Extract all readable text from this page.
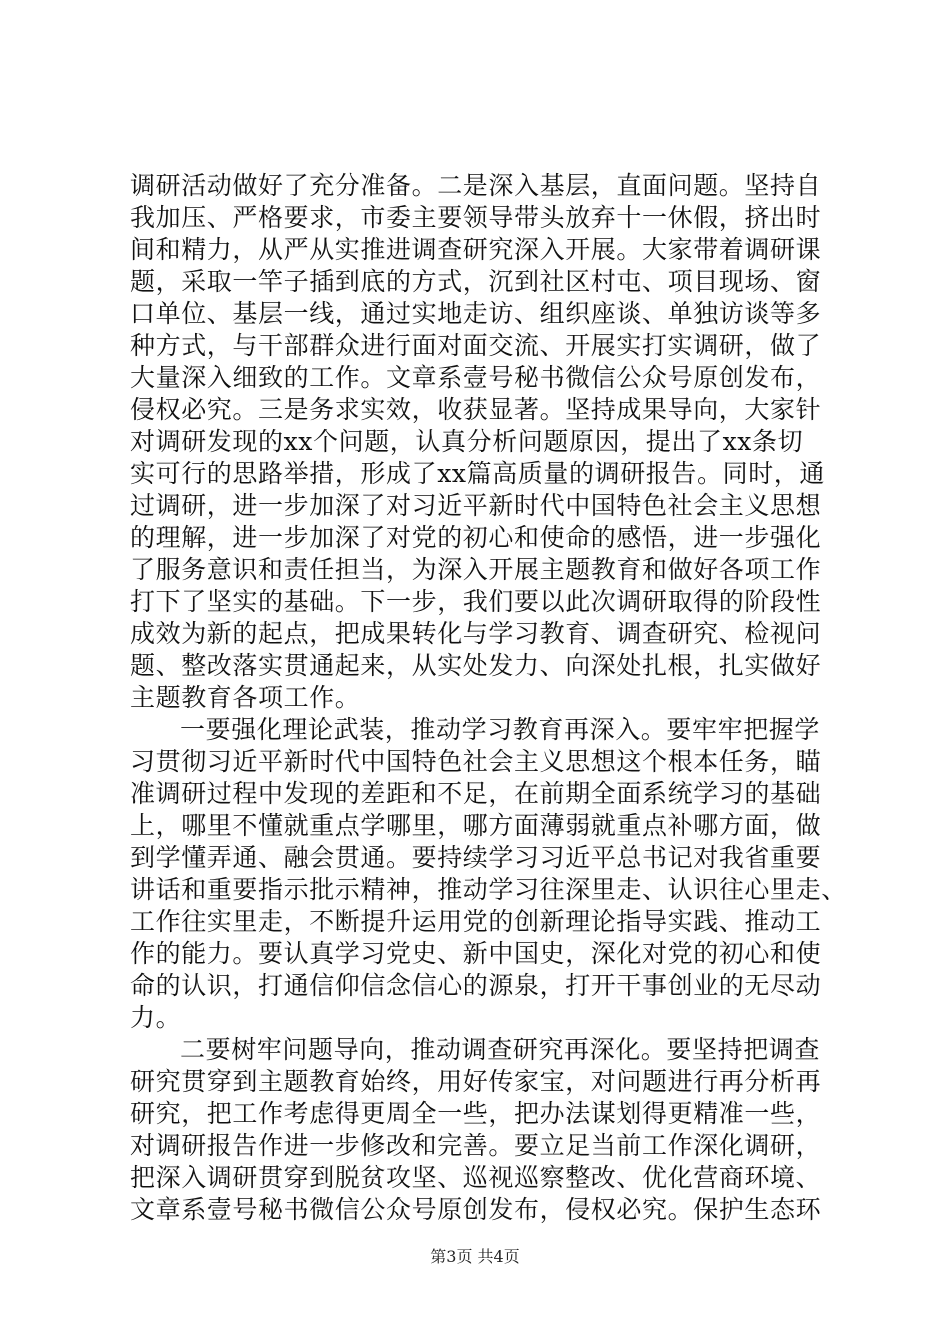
调研活动做好了充分准备。二是深入基层，直面问题。坚持自
我加压、严格要求，市委主要领导带头放弃十一休假，挤出时
间和精力，从严从实推进调查研究深入开展。大家带着调研课
题，采取一竿子插到底的方式，沉到社区村屯、项目现场、窗
口单位、基层一线，通过实地走访、组织座谈、单独访谈等多
种方式，与干部群众进行面对面交流、开展实打实调研，做了
大量深入细致的工作。文章系壹号秘书微信公众号原创发布，
侵权必究。三是务求实效，收获显著。坚持成果导向，大家针
对调研发现的xx个问题，认真分析问题原因，提出了xx条切
实可行的思路举措，形成了xx篇高质量的调研报告。同时，通
过调研，进一步加深了对习近平新时代中国特色社会主义思想
的理解，进一步加深了对党的初心和使命的感悟，进一步强化
了服务意识和责任担当，为深入开展主题教育和做好各项工作
打下了坚实的基础。下一步，我们要以此次调研取得的阶段性
成效为新的起点，把成果转化与学习教育、调查研究、检视问
题、整改落实贯通起来，从实处发力、向深处扎根，扎实做好
主题教育各项工作。
一要强化理论武装，推动学习教育再深入。要牢牢把握学
习贯彻习近平新时代中国特色社会主义思想这个根本任务，瞄
准调研过程中发现的差距和不足，在前期全面系统学习的基础
上，哪里不懂就重点学哪里，哪方面薄弱就重点补哪方面，做
到学懂弄通、融会贯通。要持续学习习近平总书记对我省重要
讲话和重要指示批示精神，推动学习往深里走、认识往心里走、
工作往实里走，不断提升运用党的创新理论指导实践、推动工
作的能力。要认真学习党史、新中国史，深化对党的初心和使
命的认识，打通信仰信念信心的源泉，打开干事创业的无尽动
力。
二要树牢问题导向，推动调查研究再深化。要坚持把调查
研究贯穿到主题教育始终，用好传家宝，对问题进行再分析再
研究，把工作考虑得更周全一些，把办法谋划得更精准一些，
对调研报告作进一步修改和完善。要立足当前工作深化调研，
把深入调研贯穿到脱贫攻坚、巡视巡察整改、优化营商环境、
文章系壹号秘书微信公众号原创发布，侵权必究。保护生态环
第3页 共4页
